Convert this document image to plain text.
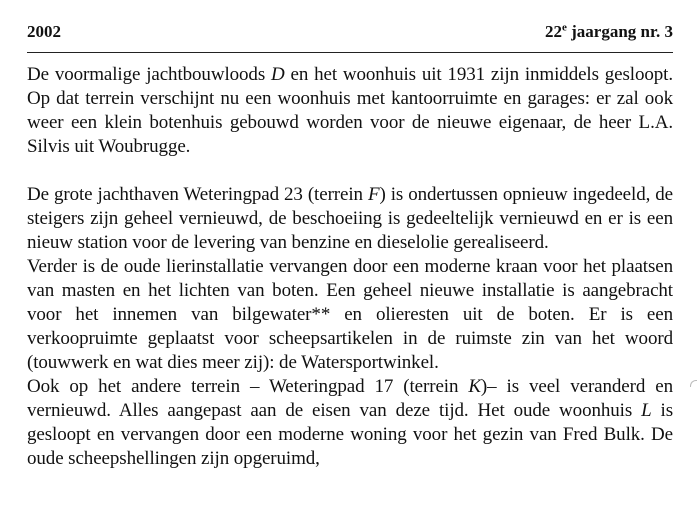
2002	22e jaargang nr. 3

De voormalige jachtbouwloods D en het woonhuis uit 1931 zijn inmiddels gesloopt. Op dat terrein verschijnt nu een woonhuis met kantoorruimte en garages: er zal ook weer een klein botenhuis gebouwd worden voor de nieuwe eigenaar, de heer L.A. Silvis uit Woubrugge.

De grote jachthaven Weteringpad 23 (terrein F) is ondertussen opnieuw ingedeeld, de steigers zijn geheel vernieuwd, de beschoeiing is gedeeltelijk vernieuwd en er is een nieuw station voor de levering van benzine en dieselolie gerealiseerd.

Verder is de oude lierinstallatie vervangen door een moderne kraan voor het plaatsen van masten en het lichten van boten. Een geheel nieuwe installatie is aangebracht voor het innemen van bilgewater** en olieresten uit de boten. Er is een verkoopruimte geplaatst voor scheepsartikelen in de ruimste zin van het woord (touwwerk en wat dies meer zij): de Watersportwinkel.

Ook op het andere terrein – Weteringpad 17 (terrein K)– is veel veranderd en vernieuwd. Alles aangepast aan de eisen van deze tijd. Het oude woonhuis L is gesloopt en vervangen door een moderne woning voor het gezin van Fred Bulk. De oude scheepshellingen zijn opgeruimd,
